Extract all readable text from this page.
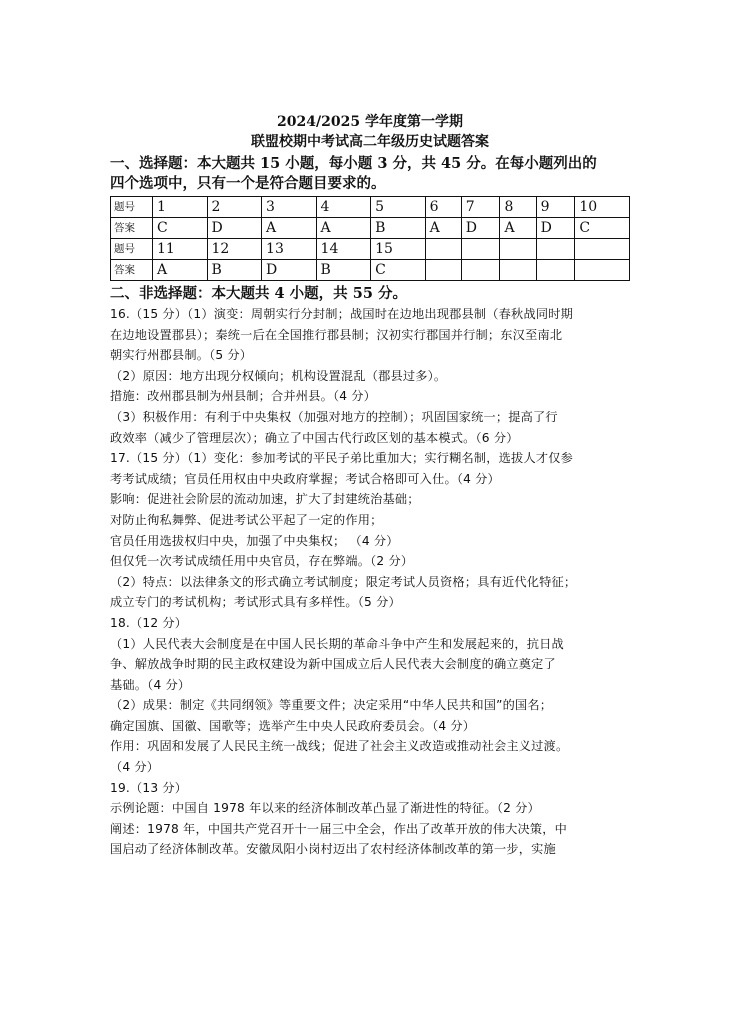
2024/2025 学年度第一学期
联盟校期中考试高二年级历史试题答案
一、选择题：本大题共 15 小题，每小题 3 分，共 45 分。在每小题列出的
四个选项中，只有一个是符合题目要求的。
题号	1	2	3	4	5	6	7	8	9	10
答案	C	D	A	A	B	A	D	A	D	C
题号	11	12	13	14	15					
答案	A	B	D	B	C					
二、非选择题：本大题共 4 小题，共 55 分。

16.（15 分）（1）演变：周朝实行分封制；战国时在边地出现郡县制（春秋战同时期

在边地设置郡县）；秦统一后在全国推行郡县制；汉初实行郡国并行制；东汉至南北

朝实行州郡县制。（5 分）

（2）原因：地方出现分权倾向；机构设置混乱（郡县过多）。

措施：改州郡县制为州县制；合并州县。（4 分）

（3）积极作用：有利于中央集权（加强对地方的控制）；巩固国家统一；提高了行

政效率（减少了管理层次）；确立了中国古代行政区划的基本模式。（6 分）

17.（15 分）（1）变化：参加考试的平民子弟比重加大；实行糊名制，选拔人才仅参

考考试成绩；官员任用权由中央政府掌握；考试合格即可入仕。（4 分）

影响：促进社会阶层的流动加速，扩大了封建统治基础；

对防止徇私舞弊、促进考试公平起了一定的作用；

官员任用选拔权归中央，加强了中央集权； （4 分）

但仅凭一次考试成绩任用中央官员，存在弊端。（2 分）

（2）特点：以法律条文的形式确立考试制度；限定考试人员资格；具有近代化特征；

成立专门的考试机构；考试形式具有多样性。（5 分）

18.（12 分）

（1）人民代表大会制度是在中国人民长期的革命斗争中产生和发展起来的，抗日战

争、解放战争时期的民主政权建设为新中国成立后人民代表大会制度的确立奠定了

基础。（4 分）

（2）成果：制定《共同纲领》等重要文件；决定采用“中华人民共和国”的国名；

确定国旗、国徽、国歌等；选举产生中央人民政府委员会。（4 分）

作用：巩固和发展了人民民主统一战线；促进了社会主义改造或推动社会主义过渡。

（4 分）

19.（13 分）

示例论题：中国自 1978 年以来的经济体制改革凸显了渐进性的特征。（2 分）

阐述：1978 年，中国共产党召开十一届三中全会，作出了改革开放的伟大决策，中

国启动了经济体制改革。安徽凤阳小岗村迈出了农村经济体制改革的第一步，实施
